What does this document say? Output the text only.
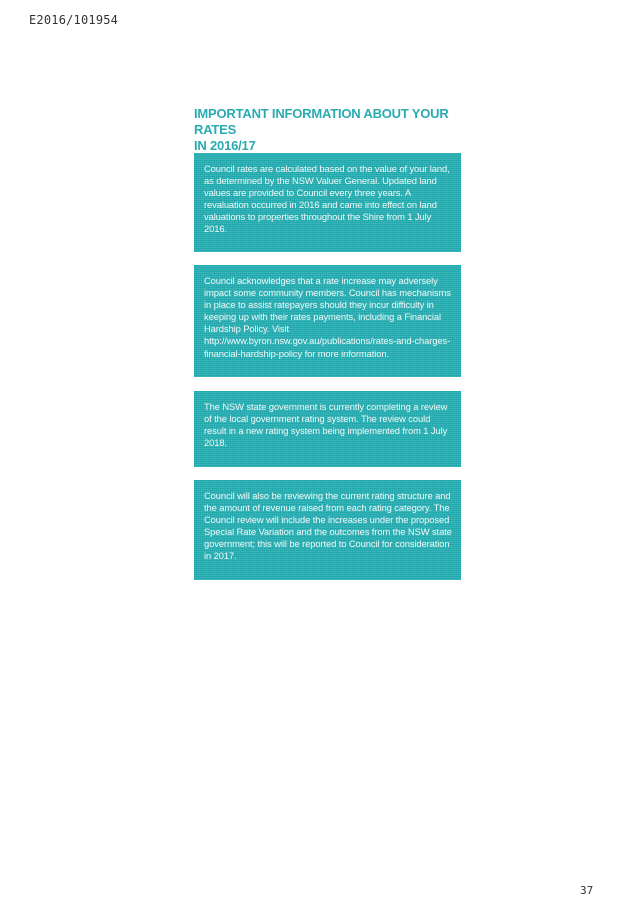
E2016/101954
IMPORTANT INFORMATION ABOUT YOUR RATES
IN 2016/17

Council rates are calculated based on the value of your land, as determined by the NSW Valuer General. Updated land values are provided to Council every three years. A revaluation occurred in 2016 and came into effect on land valuations to properties throughout the Shire from 1 July 2016.

Council acknowledges that a rate increase may adversely impact some community members. Council has mechanisms in place to assist ratepayers should they incur difficulty in keeping up with their rates payments, including a Financial Hardship Policy. Visit http://www.byron.nsw.gov.au/publications/rates-and-charges-financial-hardship-policy for more information.

The NSW state government is currently completing a review of the local government rating system. The review could result in a new rating system being implemented from 1 July 2018.

Council will also be reviewing the current rating structure and the amount of revenue raised from each rating category. The Council review will include the increases under the proposed Special Rate Variation and the outcomes from the NSW state government; this will be reported to Council for consideration in 2017.

37
